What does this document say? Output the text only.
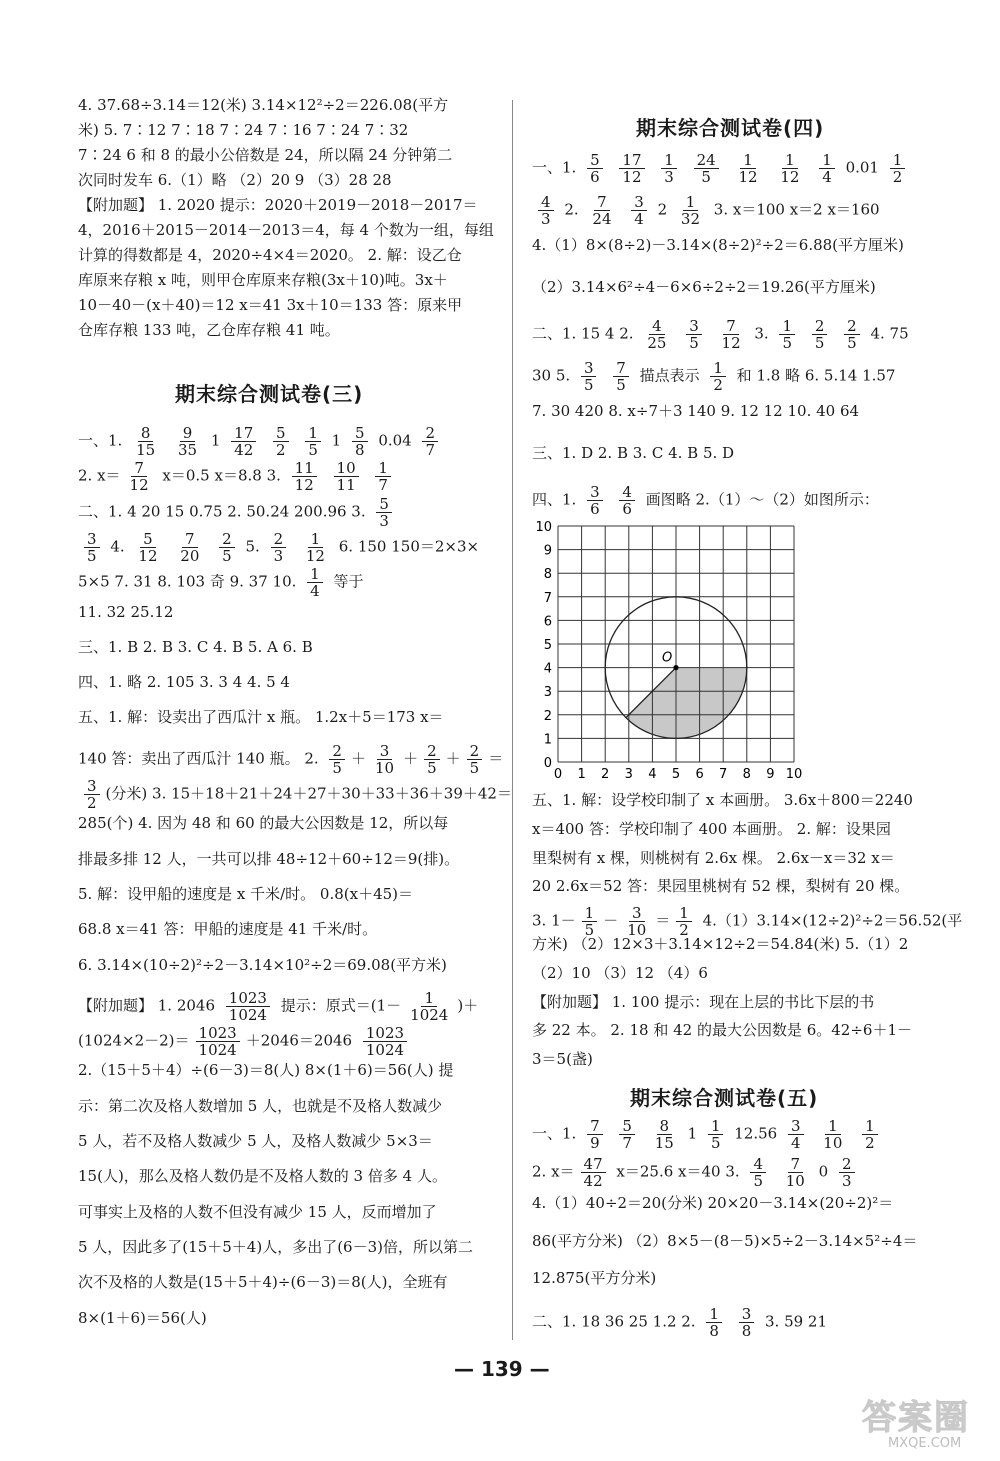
4. 37.68÷3.14＝12(米) 3.14×12²÷2＝226.08(平方
米) 5. 7∶12 7∶18 7∶24 7∶16 7∶24 7∶32
7∶24 6 和 8 的最小公倍数是 24，所以隔 24 分钟第二
次同时发车 6.（1）略 （2）20 9 （3）28 28
【附加题】 1. 2020 提示：2020＋2019－2018－2017＝
4，2016＋2015－2014－2013＝4，每 4 个数为一组，每组
计算的得数都是 4，2020÷4×4＝2020。 2. 解：设乙仓
库原来存粮 x 吨，则甲仓库原来存粮(3x＋10)吨。3x＋
10－40－(x＋40)＝12 x＝41 3x＋10＝133 答：原来甲
仓库存粮 133 吨，乙仓库存粮 41 吨。
一、1. $\frac{8}{15}$
$\frac{9}{35} 1 \frac{17}{42}$
$\frac{5}{2}$
$\frac{1}{5} 1 \frac{5}{8} 0.04 \frac{2}{7}$
2. $x= \frac{7}{12} x=0.5$ x＝8.8 3. $\frac{11}{12}$
$\frac{10}{11}$
$\frac{1}{7}$
二、1. 4 20 15 0.75 2. 50.24 200.96 3. $\frac{5}{3}$
$\frac{3}{5} 4$. $\frac{5}{12}$
$\frac{7}{20}$
$\frac{2}{5} 5$. $\frac{2}{3}$
$\frac{1}{12} 6$. 150 150＝2×3×
5×5 7. 31 8. 103 奇 9. 37 10. $\frac{1}{4}$ 等于
11. 32 25.12
三、1. B 2. B 3. C 4. B 5. A 6. B
四、1. 略 2. 105 3. 3 4 4. 5 4
五、1. 解：设卖出了西瓜汁 x 瓶。 1.2x＋5＝173 x＝
140 答：卖出了西瓜汁 140 瓶。 2. $\frac{2}{5} + \frac{3}{10} + \frac{2}{5} + \frac{2}{5}$ ＝
$\frac{3}{2}$ (分米) 3. 15＋18＋21＋24＋27＋30＋33＋36＋39＋42＝
285(个) 4. 因为 48 和 60 的最大公因数是 12，所以每
排最多排 12 人，一共可以排 48÷12＋60÷12＝9(排)。
5. 解：设甲船的速度是 x 千米/时。 0.8(x＋45)＝
68.8 x＝41 答：甲船的速度是 41 千米/时。
6. 3.14×(10÷2)²÷2－3.14×10²÷2＝69.08(平方米)
【附加题】 1. $2046 \frac{1023}{1024}$ 提示：原式$=(1- \frac{1}{1024}$ )＋
$(1024\times 2-2)= \frac{1023}{1024} +2046=2046 \frac{1023}{1024}$
2.（15＋5＋4）÷(6－3)＝8(人) 8×(1＋6)＝56(人) 提
示：第二次及格人数增加 5 人，也就是不及格人数减少
5 人，若不及格人数减少 5 人，及格人数减少 5×3＝
15(人)，那么及格人数仍是不及格人数的 3 倍多 4 人。
可事实上及格的人数不但没有减少 15 人，反而增加了
5 人，因此多了(15＋5＋4)人，多出了(6－3)倍，所以第二
次不及格的人数是(15＋5＋4)÷(6－3)＝8(人)，全班有
8×(1＋6)＝56(人)
一、1. $\frac{5}{6}$
$\frac{17}{12}$
$\frac{1}{3}$
$\frac{24}{5}$
$\frac{1}{12}$
$\frac{1}{12}$
$\frac{1}{4} 0.01 \frac{1}{2}$
$\frac{4}{3} 2$. $\frac{7}{24}$
$\frac{3}{4} 2 \frac{1}{32} 3$. x＝100 x＝2 x＝160
4.（1）8×(8÷2)－3.14×(8÷2)²÷2＝6.88(平方厘米)
（2）3.14×6²÷4－6×6÷2÷2＝19.26(平方厘米)
二、1. 15 4 2. $\frac{4}{25}$
$\frac{3}{5}$
$\frac{7}{12} 3$. $\frac{1}{5}$
$\frac{2}{5}$
$\frac{2}{5} 4$. 75
30 5. $\frac{3}{5}$
$\frac{7}{5}$ 描点表示 $\frac{1}{2}$ 和 1.8 略 6. 5.14 1.57
7. 30 420 8. x÷7＋3 140 9. 12 12 10. 40 64
三、1. D 2. B 3. C 4. B 5. D
四、1. $\frac{3}{6}$
$\frac{4}{6}$ 画图略 2.（1）～（2）如图所示：
五、1. 解：设学校印制了 x 本画册。 3.6x＋800＝2240
x＝400 答：学校印制了 400 本画册。 2. 解：设果园
里梨树有 x 棵，则桃树有 2.6x 棵。 2.6x－x＝32 x＝
20 2.6x＝52 答：果园里桃树有 52 棵，梨树有 20 棵。
3. $1- \frac{1}{5} - \frac{3}{10} = \frac{1}{2} 4.(1)3.14\times(12\div 2)^2\div 2=56.52$(平
方米) （2）12×3＋3.14×12÷2＝54.84(米) 5.（1）2
（2）10 （3）12 （4）6
【附加题】 1. 100 提示：现在上层的书比下层的书
多 22 本。 2. 18 和 42 的最大公因数是 6。42÷6＋1－
3＝5(盏)
一、1. $\frac{7}{9}$
$\frac{5}{7}$
$\frac{8}{15} 1 \frac{1}{5} 12.56 \frac{3}{4}$
$\frac{1}{10}$
$\frac{1}{2}$
2. $x= \frac{47}{42} x=25.6$ x＝40 3. $\frac{4}{5}$
$\frac{7}{10} 0 \frac{2}{3}$
4.（1）40÷2＝20(分米) 20×20－3.14×(20÷2)²＝
86(平方分米) （2）8×5－(8－5)×5÷2－3.14×5²÷4＝
12.875(平方分米)
二、1. 18 36 25 1.2 2. $\frac{1}{8}$
$\frac{3}{8} 3$. 59 21
期末综合测试卷(三)
期末综合测试卷(四)
期末综合测试卷(五)
O
0 1 2 3 4 5 6 7 8 9 10
0
1
2
3
4
5
6
7
8
9
10
— 139 —
答案圈
MXQE.COM
